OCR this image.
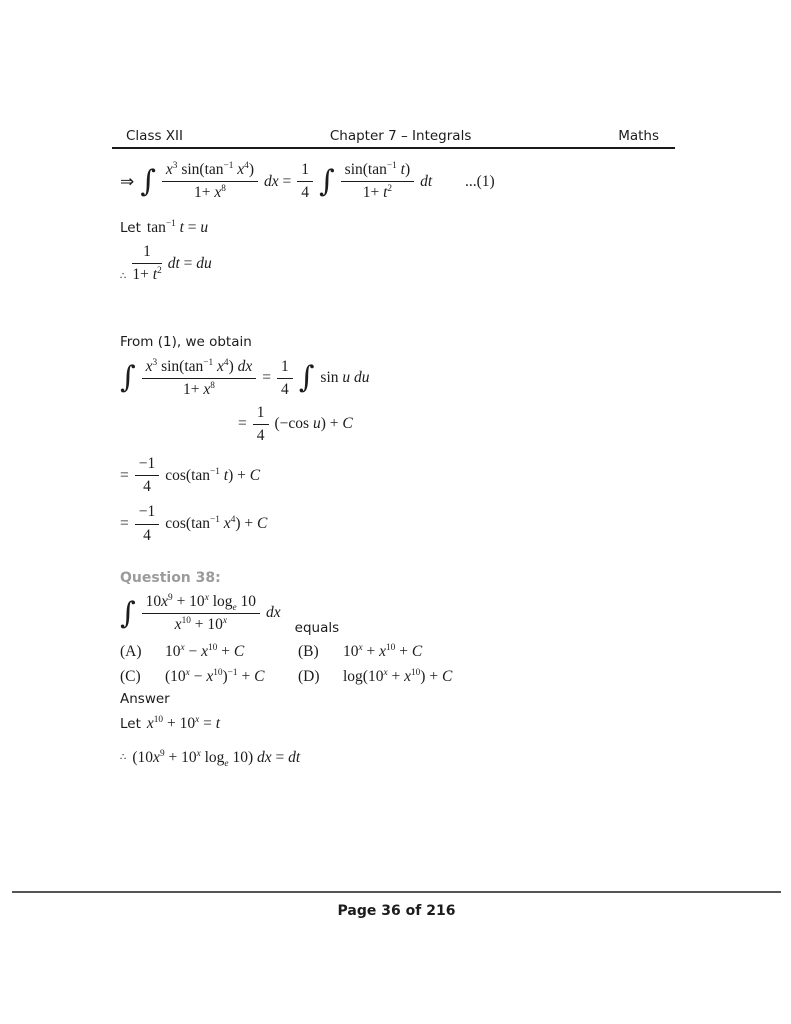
Class XII	Chapter 7 – Integrals	Maths
⇒ ∫ $\frac{x^3 \sin(\tan^{-1} x^4)}{1+ x^8}$ dx = $\frac{1}{4}$ ∫ $\frac{\sin(\tan^{-1} t)}{1+ t^2}$ dt ...(1)
Let $\tan^{-1} t = u$
∴ $\frac{1}{1+ t^2}$ dt = du
From (1), we obtain
∫ $\frac{x^3 \sin(\tan^{-1} x^4) dx}{1+ x^8} = \frac{1}{4}$ ∫ sin u du
= $\frac{1}{4} (-\cos$ u) + C
= $\frac{-1}{4} \cos(\tan^{-1}$ t) + C
= $\frac{-1}{4} \cos(\tan^{-1}$ $x^4) + C$
Question 38:
∫ $\frac{10x^9 + 10^x \log_e 10}{x^{10} + 10^x}$ dx
equals
(A)	$10^x - x^{10} + C$	(B)	$10^x + x^{10} + C$
(C)	$(10^x - x^{10})^{-1} + C$ (D)	$\log(10^x + x^{10}) + C$
Answer
Let $x^{10} + 10^x = t$
∴ ($10x^9 + 10^x$ $\log_e 10$) dx = dt
Page 36 of 216
